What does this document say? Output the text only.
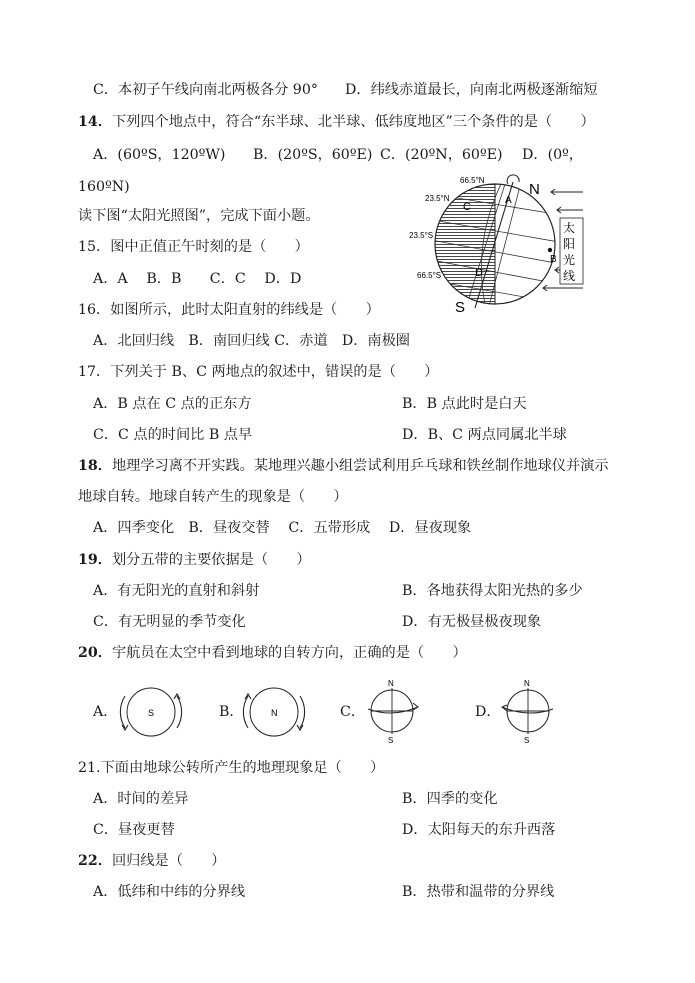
C．本初子午线向南北两极各分 90° D．纬线赤道最长，向南北两极逐渐缩短
14．下列四个地点中，符合“东半球、北半球、低纬度地区”三个条件的是（　　）
A．(60ºS，120ºW) B．(20ºS，60ºE) C．(20ºN，60ºE) D．(0º，
160ºN)
读下图“太阳光照图”，完成下面小题。
15．图中正值正午时刻的是（　　）
A．A　 B．B　　C．C　 D．D
16．如图所示，此时太阳直射的纬线是（　　）
A．北回归线　B．南回归线 C．赤道　D．南极圈
17．下列关于 B、C 两地点的叙述中，错误的是（　　）
A．B 点在 C 点的正东方	B．B 点此时是白天
C．C 点的时间比 B 点早	D．B、C 两点同属北半球
18．地理学习离不开实践。某地理兴趣小组尝试利用乒乓球和铁丝制作地球仪并演示
地球自转。地球自转产生的现象是（　　）
A．四季变化　B．昼夜交替　 C．五带形成　 D．昼夜现象
19．划分五带的主要依据是（　　）
A．有无阳光的直射和斜射	B．各地获得太阳光热的多少
C．有无明显的季节变化	D．有无极昼极夜现象
20．宇航员在太空中看到地球的自转方向，正确的是（　　）
A．	S	B．	N	C．
N
S
D．
N
S
21.下面由地球公转所产生的地理现象足（　　）
A．时间的差异	B．四季的变化
C．昼夜更替	D．太阳每天的东升西落
22．回归线是（　　）
A．低纬和中纬的分界线	B．热带和温带的分界线
太
阳
光
线
66.5°N
23.5°N
23.5°S
66.5°S
N
S
A
B
C
D
